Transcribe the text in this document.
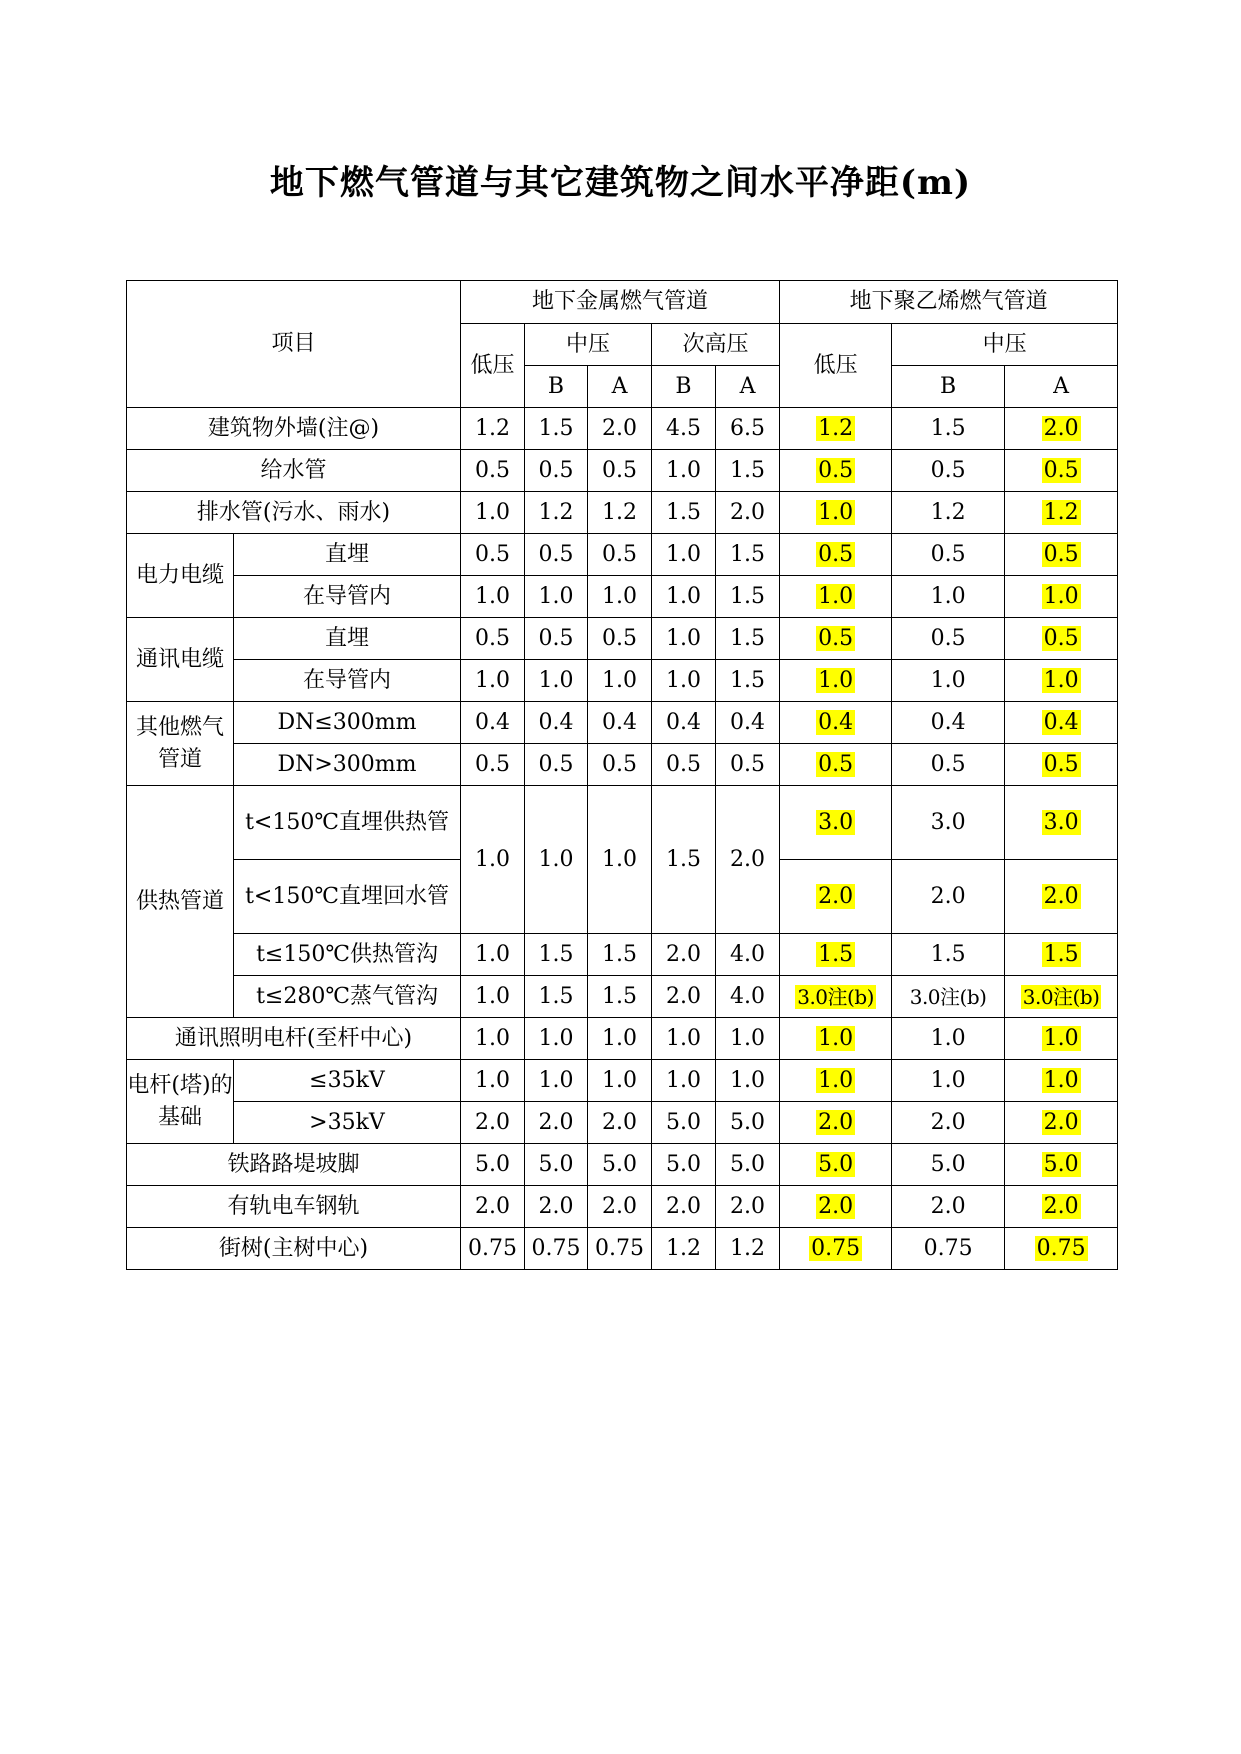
地下燃气管道与其它建筑物之间水平净距(m)
项目		地下金属燃气管道					地下聚乙烯燃气管道		
		低压	中压		次高压		低压	中压	
			B	A	B	A		B	A
建筑物外墙(注@)		1.2	1.5	2.0	4.5	6.5	1.2	1.5	2.0
给水管		0.5	0.5	0.5	1.0	1.5	0.5	0.5	0.5
排水管(污水、雨水)		1.0	1.2	1.2	1.5	2.0	1.0	1.2	1.2
电力电缆	直埋	0.5	0.5	0.5	1.0	1.5	0.5	0.5	0.5
	在导管内	1.0	1.0	1.0	1.0	1.5	1.0	1.0	1.0
通讯电缆	直埋	0.5	0.5	0.5	1.0	1.5	0.5	0.5	0.5
	在导管内	1.0	1.0	1.0	1.0	1.5	1.0	1.0	1.0
其他燃气管道	DN≤300mm	0.4	0.4	0.4	0.4	0.4	0.4	0.4	0.4
	DN>300mm	0.5	0.5	0.5	0.5	0.5	0.5	0.5	0.5
供热管道	t<150℃直埋供热管	1.0	1.0	1.0	1.5	2.0	3.0	3.0	3.0
	t<150℃直埋回水管						2.0	2.0	2.0
	t≤150℃供热管沟	1.0	1.5	1.5	2.0	4.0	1.5	1.5	1.5
	t≤280℃蒸气管沟	1.0	1.5	1.5	2.0	4.0	3.0注(b)	3.0注(b)	3.0注(b)
通讯照明电杆(至杆中心)		1.0	1.0	1.0	1.0	1.0	1.0	1.0	1.0
电杆(塔)的基础	≤35kV	1.0	1.0	1.0	1.0	1.0	1.0	1.0	1.0
	>35kV	2.0	2.0	2.0	5.0	5.0	2.0	2.0	2.0
铁路路堤坡脚		5.0	5.0	5.0	5.0	5.0	5.0	5.0	5.0
有轨电车钢轨		2.0	2.0	2.0	2.0	2.0	2.0	2.0	2.0
街树(主树中心)		0.75	0.75	0.75	1.2	1.2	0.75	0.75	0.75
